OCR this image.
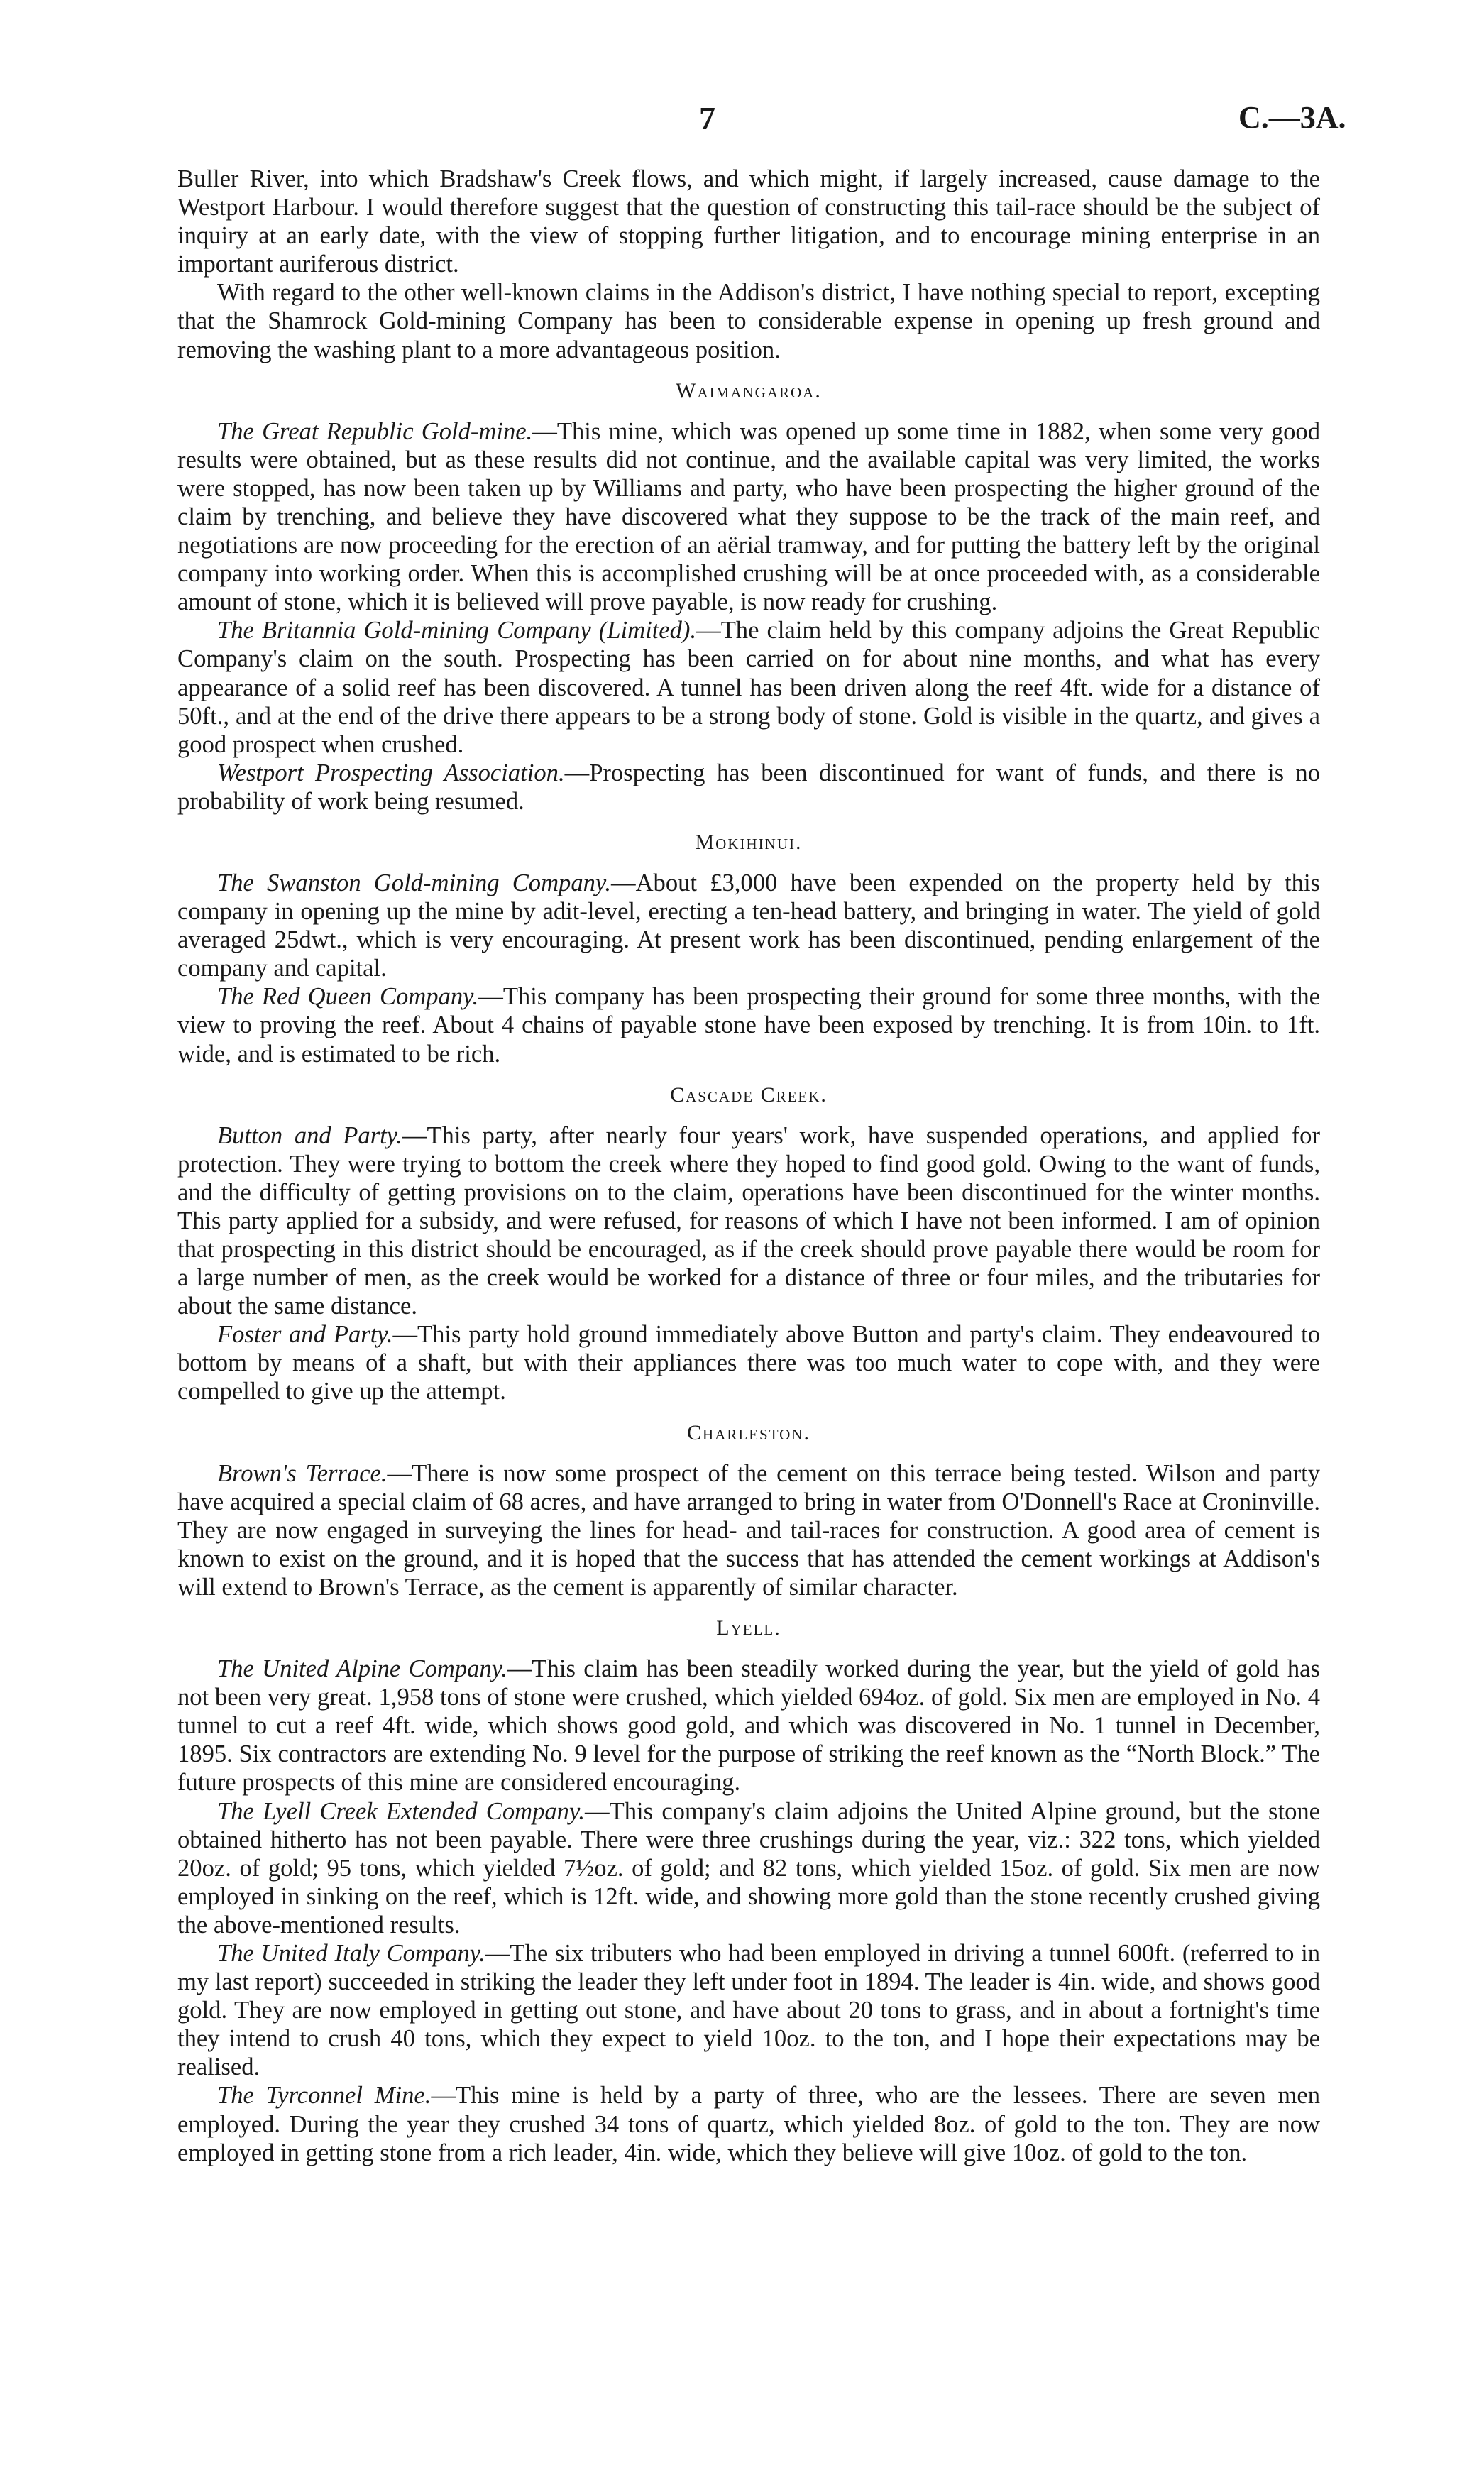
7	C.—3A.

Buller River, into which Bradshaw's Creek flows, and which might, if largely increased, cause damage to the Westport Harbour. I would therefore suggest that the question of constructing this tail-race should be the subject of inquiry at an early date, with the view of stopping further litigation, and to encourage mining enterprise in an important auriferous district.

With regard to the other well-known claims in the Addison's district, I have nothing special to report, excepting that the Shamrock Gold-mining Company has been to considerable expense in opening up fresh ground and removing the washing plant to a more advantageous position.

Waimangaroa.

The Great Republic Gold-mine.—This mine, which was opened up some time in 1882, when some very good results were obtained, but as these results did not continue, and the available capital was very limited, the works were stopped, has now been taken up by Williams and party, who have been prospecting the higher ground of the claim by trenching, and believe they have discovered what they suppose to be the track of the main reef, and negotiations are now proceeding for the erection of an aërial tramway, and for putting the battery left by the original company into working order. When this is accomplished crushing will be at once proceeded with, as a considerable amount of stone, which it is believed will prove payable, is now ready for crushing.

The Britannia Gold-mining Company (Limited).—The claim held by this company adjoins the Great Republic Company's claim on the south. Prospecting has been carried on for about nine months, and what has every appearance of a solid reef has been discovered. A tunnel has been driven along the reef 4ft. wide for a distance of 50ft., and at the end of the drive there appears to be a strong body of stone. Gold is visible in the quartz, and gives a good prospect when crushed.

Westport Prospecting Association.—Prospecting has been discontinued for want of funds, and there is no probability of work being resumed.

Mokihinui.

The Swanston Gold-mining Company.—About £3,000 have been expended on the property held by this company in opening up the mine by adit-level, erecting a ten-head battery, and bringing in water. The yield of gold averaged 25dwt., which is very encouraging. At present work has been discontinued, pending enlargement of the company and capital.

The Red Queen Company.—This company has been prospecting their ground for some three months, with the view to proving the reef. About 4 chains of payable stone have been exposed by trenching. It is from 10in. to 1ft. wide, and is estimated to be rich.

Cascade Creek.

Button and Party.—This party, after nearly four years' work, have suspended operations, and applied for protection. They were trying to bottom the creek where they hoped to find good gold. Owing to the want of funds, and the difficulty of getting provisions on to the claim, operations have been discontinued for the winter months. This party applied for a subsidy, and were refused, for reasons of which I have not been informed. I am of opinion that prospecting in this district should be encouraged, as if the creek should prove payable there would be room for a large number of men, as the creek would be worked for a distance of three or four miles, and the tributaries for about the same distance.

Foster and Party.—This party hold ground immediately above Button and party's claim. They endeavoured to bottom by means of a shaft, but with their appliances there was too much water to cope with, and they were compelled to give up the attempt.

Charleston.

Brown's Terrace.—There is now some prospect of the cement on this terrace being tested. Wilson and party have acquired a special claim of 68 acres, and have arranged to bring in water from O'Donnell's Race at Croninville. They are now engaged in surveying the lines for head- and tail-races for construction. A good area of cement is known to exist on the ground, and it is hoped that the success that has attended the cement workings at Addison's will extend to Brown's Terrace, as the cement is apparently of similar character.

Lyell.

The United Alpine Company.—This claim has been steadily worked during the year, but the yield of gold has not been very great. 1,958 tons of stone were crushed, which yielded 694oz. of gold. Six men are employed in No. 4 tunnel to cut a reef 4ft. wide, which shows good gold, and which was discovered in No. 1 tunnel in December, 1895. Six contractors are extending No. 9 level for the purpose of striking the reef known as the “North Block.” The future prospects of this mine are considered encouraging.

The Lyell Creek Extended Company.—This company's claim adjoins the United Alpine ground, but the stone obtained hitherto has not been payable. There were three crushings during the year, viz.: 322 tons, which yielded 20oz. of gold; 95 tons, which yielded 7½oz. of gold; and 82 tons, which yielded 15oz. of gold. Six men are now employed in sinking on the reef, which is 12ft. wide, and showing more gold than the stone recently crushed giving the above-mentioned results.

The United Italy Company.—The six tributers who had been employed in driving a tunnel 600ft. (referred to in my last report) succeeded in striking the leader they left under foot in 1894. The leader is 4in. wide, and shows good gold. They are now employed in getting out stone, and have about 20 tons to grass, and in about a fortnight's time they intend to crush 40 tons, which they expect to yield 10oz. to the ton, and I hope their expectations may be realised.

The Tyrconnel Mine.—This mine is held by a party of three, who are the lessees. There are seven men employed. During the year they crushed 34 tons of quartz, which yielded 8oz. of gold to the ton. They are now employed in getting stone from a rich leader, 4in. wide, which they believe will give 10oz. of gold to the ton.
